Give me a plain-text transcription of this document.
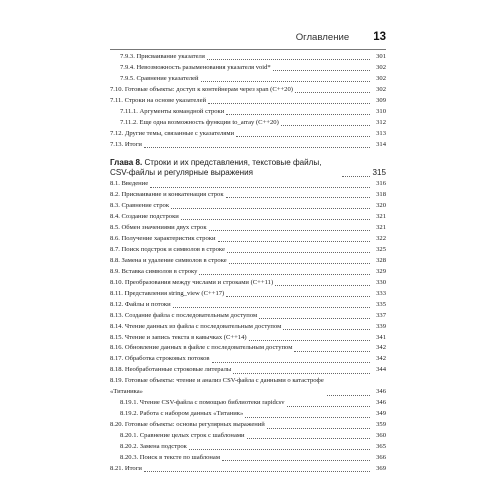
Оглавление 13
7.9.3. Присваивание указателя	301
7.9.4. Невозможность разыменования указателя void*	302
7.9.5. Сравнение указателей	302
7.10. Готовые объекты: доступ к контейнерам через span (C++20)	302
7.11. Строки на основе указателей	309
7.11.1. Аргументы командной строки	310
7.11.2. Еще одна возможность функции to_array (C++20)	312
7.12. Другие темы, связанные с указателями	313
7.13. Итоги	314
Глава 8. Строки и их представления, текстовые файлы, CSV-файлы и регулярные выражения	315
8.1. Введение	316
8.2. Присваивание и конкатенация строк	318
8.3. Сравнение строк	320
8.4. Создание подстроки	321
8.5. Обмен значениями двух строк	321
8.6. Получение характеристик строки	322
8.7. Поиск подстрок и символов в строке	325
8.8. Замена и удаление символов в строке	328
8.9. Вставка символов в строку	329
8.10. Преобразования между числами и строками (C++11)	330
8.11. Представления string_view (C++17)	333
8.12. Файлы и потоки	335
8.13. Создание файла с последовательным доступом	337
8.14. Чтение данных из файла с последовательным доступом	339
8.15. Чтение и запись текста в кавычках (C++14)	341
8.16. Обновление данных в файле с последовательным доступом	342
8.17. Обработка строковых потоков	342
8.18. Необработанные строковые литералы	344
8.19. Готовые объекты: чтение и анализ CSV-файла с данными о катастрофе «Титаника»	346
8.19.1. Чтение CSV-файла с помощью библиотеки rapidcsv	346
8.19.2. Работа с набором данных «Титаник»	349
8.20. Готовые объекты: основы регулярных выражений	359
8.20.1. Сравнение целых строк с шаблонами	360
8.20.2. Замена подстрок	365
8.20.3. Поиск в тексте по шаблонам	366
8.21. Итоги	369
